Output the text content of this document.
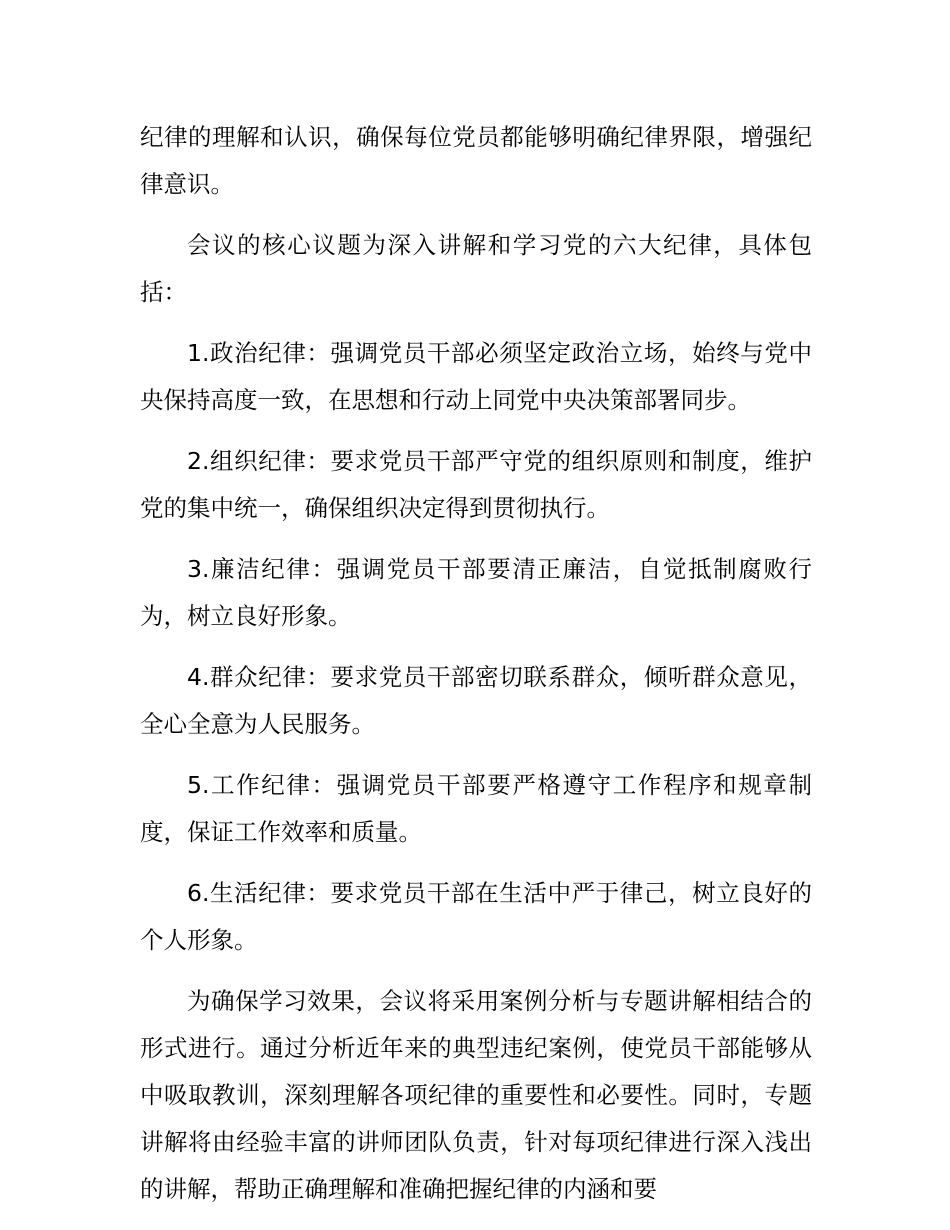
纪律的理解和认识，确保每位党员都能够明确纪律界限，增强纪律意识。

会议的核心议题为深入讲解和学习党的六大纪律，具体包括：

1.政治纪律：强调党员干部必须坚定政治立场，始终与党中央保持高度一致，在思想和行动上同党中央决策部署同步。

2.组织纪律：要求党员干部严守党的组织原则和制度，维护党的集中统一，确保组织决定得到贯彻执行。

3.廉洁纪律：强调党员干部要清正廉洁，自觉抵制腐败行为，树立良好形象。

4.群众纪律：要求党员干部密切联系群众，倾听群众意见，全心全意为人民服务。

5.工作纪律：强调党员干部要严格遵守工作程序和规章制度，保证工作效率和质量。

6.生活纪律：要求党员干部在生活中严于律己，树立良好的个人形象。

为确保学习效果，会议将采用案例分析与专题讲解相结合的形式进行。通过分析近年来的典型违纪案例，使党员干部能够从中吸取教训，深刻理解各项纪律的重要性和必要性。同时，专题讲解将由经验丰富的讲师团队负责，针对每项纪律进行深入浅出的讲解，帮助正确理解和准确把握纪律的内涵和要
